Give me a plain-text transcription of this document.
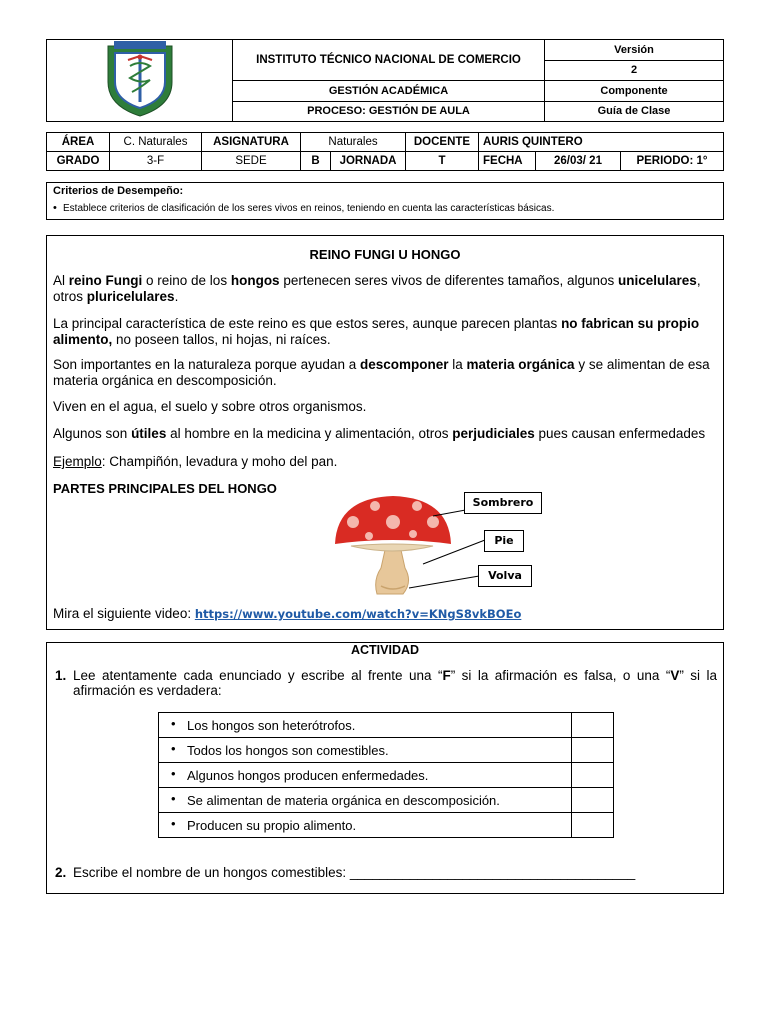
	INSTITUTO TÉCNICO NACIONAL DE COMERCIO	Versión
		2
	GESTIÓN ACADÉMICA	Componente
	PROCESO: GESTIÓN DE AULA	Guía de Clase
ÁREA	C. Naturales	ASIGNATURA	Naturales		DOCENTE	AURIS QUINTERO		
GRADO	3-F	SEDE	B	JORNADA	T	FECHA	26/03/ 21	PERIODO: 1°
Criterios de Desempeño:
• Establece criterios de clasificación de los seres vivos en reinos, teniendo en cuenta las características básicas.
REINO FUNGI U HONGO
Al reino Fungi o reino de los hongos pertenecen seres vivos de diferentes tamaños, algunos unicelulares, otros pluricelulares.
La principal característica de este reino es que estos seres, aunque parecen plantas no fabrican su propio alimento, no poseen tallos, ni hojas, ni raíces.
Son importantes en la naturaleza porque ayudan a descomponer la materia orgánica y se alimentan de esa materia orgánica en descomposición.
Viven en el agua, el suelo y sobre otros organismos.
Algunos son útiles al hombre en la medicina y alimentación, otros perjudiciales pues causan enfermedades
Ejemplo: Champiñón, levadura y moho del pan.
PARTES PRINCIPALES DEL HONGO
Sombrero
Pie
Volva
Mira el siguiente video: https://www.youtube.com/watch?v=KNgS8vkBOEo
ACTIVIDAD
1. Lee atentamente cada enunciado y escribe al frente una “F” si la afirmación es falsa, o una “V” si la afirmación es verdadera:
• Los hongos son heterótrofos.	
• Todos los hongos son comestibles.	
• Algunos hongos producen enfermedades.	
• Se alimentan de materia orgánica en descomposición.	
• Producen su propio alimento.	
2. Escribe el nombre de un hongos comestibles: ______________________________________
